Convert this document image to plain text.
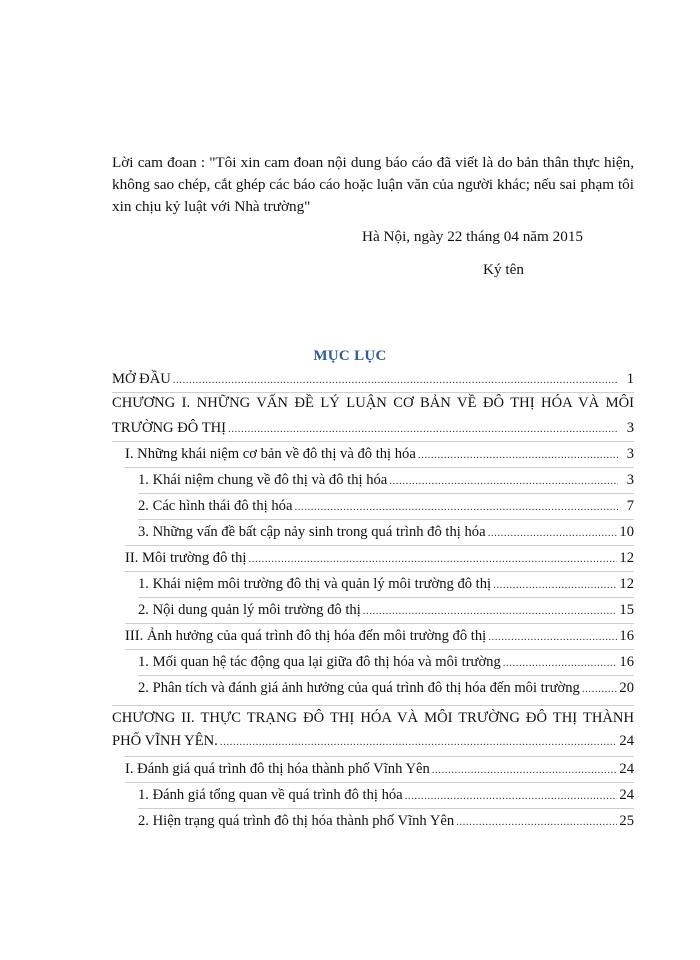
Lời cam đoan : "Tôi xin cam đoan nội dung báo cáo đã viết là do bản thân thực hiện,
không sao chép, cắt ghép các báo cáo hoặc luận văn của người khác; nếu sai phạm tôi
xin chịu kỷ luật với Nhà trường"

Hà Nội, ngày 22 tháng 04 năm 2015

Ký tên

MỤC LỤC
MỞ ĐẦU .....	1

CHƯƠNG I. NHỮNG VẤN ĐỀ LÝ LUẬN CƠ BẢN VỀ ĐÔ THỊ HÓA VÀ MÔI

TRƯỜNG ĐÔ THỊ .....	3
I. Những khái niệm cơ bản về đô thị và đô thị hóa .....	3
1. Khái niệm chung về đô thị và đô thị hóa .....	3
2. Các hình thái đô thị hóa .....	7
3. Những vấn đề bất cập nảy sinh trong quá trình đô thị hóa .....	10
II. Môi trường đô thị .....	12
1. Khái niệm môi trường đô thị và quản lý môi trường đô thị .....	12
2. Nội dung quản lý môi trường đô thị .....	15
III. Ảnh hưởng của quá trình đô thị hóa đến môi trường đô thị .....	16
1. Mối quan hệ tác động qua lại giữa đô thị hóa và môi trường .....	16
2. Phân tích và đánh giá ảnh hưởng của quá trình đô thị hóa đến môi trường .....	20

CHƯƠNG II. THỰC TRẠNG ĐÔ THỊ HÓA VÀ MÔI TRƯỜNG ĐÔ THỊ THÀNH

PHỐ VĨNH YÊN. .....	24
I. Đánh giá quá trình đô thị hóa thành phố Vĩnh Yên .....	24
1. Đánh giá tổng quan về quá trình đô thị hóa .....	24
2. Hiện trạng quá trình đô thị hóa thành phố Vĩnh Yên .....	25
